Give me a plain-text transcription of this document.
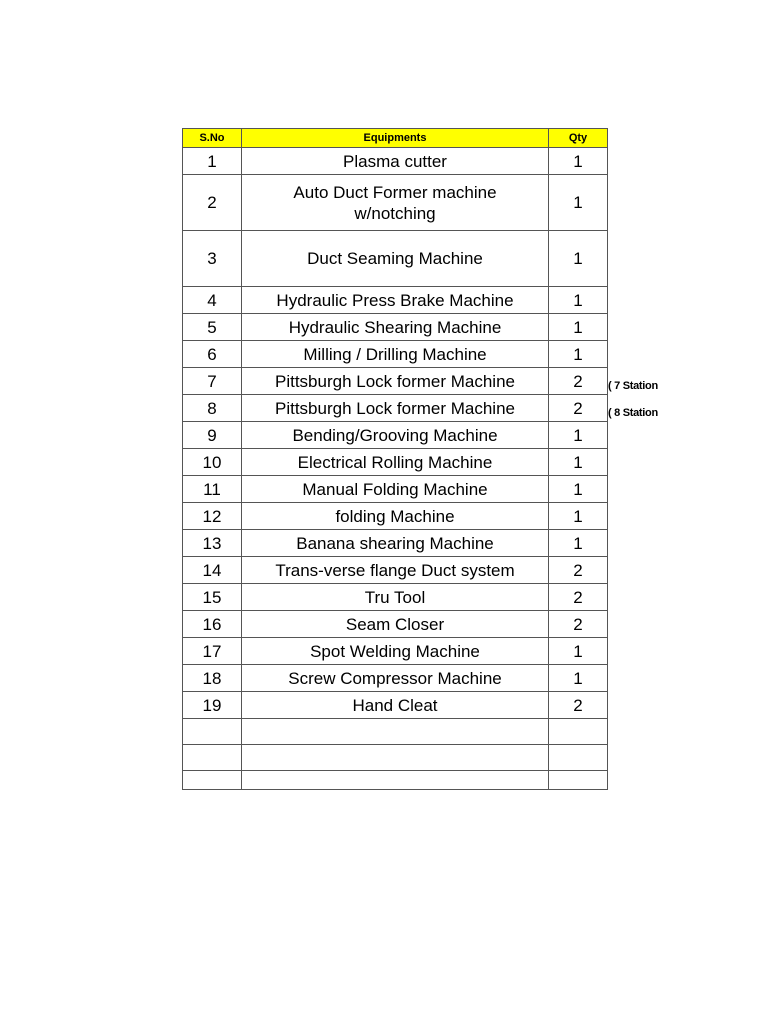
S.No	Equipments	Qty
1	Plasma cutter	1
2	Auto Duct Former machine w/notching	1
3	Duct Seaming Machine	1
4	Hydraulic Press Brake Machine	1
5	Hydraulic Shearing Machine	1
6	Milling / Drilling Machine	1
7	Pittsburgh Lock former Machine	2
8	Pittsburgh Lock former Machine	2
9	Bending/Grooving Machine	1
10	Electrical Rolling Machine	1
11	Manual Folding Machine	1
12	folding Machine	1
13	Banana shearing Machine	1
14	Trans-verse flange Duct system	2
15	Tru Tool	2
16	Seam Closer	2
17	Spot Welding Machine	1
18	Screw Compressor Machine	1
19	Hand Cleat	2

( 7 Station
( 8 Station
